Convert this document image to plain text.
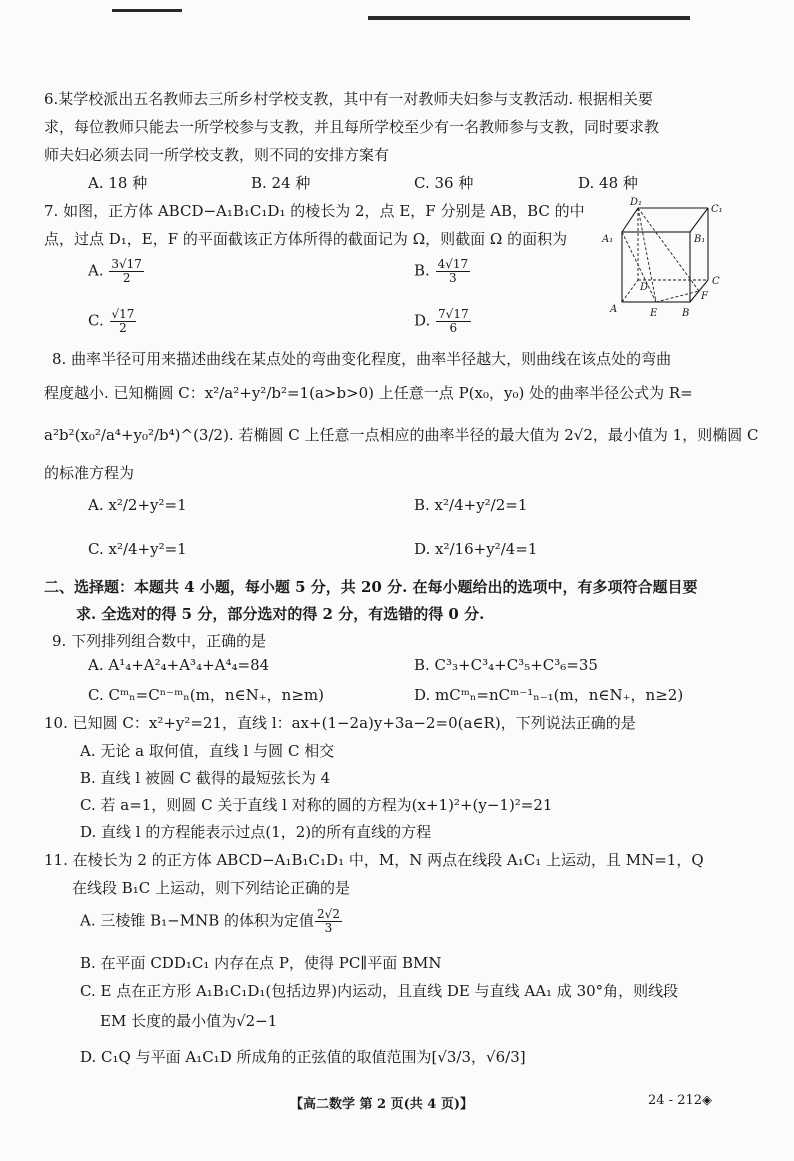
6.某学校派出五名教师去三所乡村学校支教，其中有一对教师夫妇参与支教活动. 根据相关要
求，每位教师只能去一所学校参与支教，并且每所学校至少有一名教师参与支教，同时要求教
师夫妇必须去同一所学校支教，则不同的安排方案有
A. 18 种	B. 24 种	C. 36 种	D. 48 种
7. 如图，正方体 ABCD−A₁B₁C₁D₁ 的棱长为 2，点 E，F 分别是 AB，BC 的中
点，过点 D₁，E，F 的平面截该正方体所得的截面记为 Ω，则截面 Ω 的面积为
A. $\frac{3√17}{2}$	B. $\frac{4√17}{3}$
C. $\frac{√17}{2}$	D. $\frac{7√17}{6}$
D₁
C₁
A₁	B₁
D
C
A	E B
F
8. 曲率半径可用来描述曲线在某点处的弯曲变化程度，曲率半径越大，则曲线在该点处的弯曲
程度越小. 已知椭圆 C：x²/a²+y²/b²=1(a>b>0) 上任意一点 P(x₀，y₀) 处的曲率半径公式为 R=
a²b²(x₀²/a⁴+y₀²/b⁴)^(3/2). 若椭圆 C 上任意一点相应的曲率半径的最大值为 2√2，最小值为 1，则椭圆 C
的标准方程为
A. x²/2+y²=1	B. x²/4+y²/2=1
C. x²/4+y²=1	D. x²/16+y²/4=1
二、选择题：本题共 4 小题，每小题 5 分，共 20 分. 在每小题给出的选项中，有多项符合题目要
求. 全选对的得 5 分，部分选对的得 2 分，有选错的得 0 分.
9. 下列排列组合数中，正确的是
A. A¹₄+A²₄+A³₄+A⁴₄=84	B. C³₃+C³₄+C³₅+C³₆=35
C. Cᵐₙ=Cⁿ⁻ᵐₙ(m，n∈N₊，n≥m)	D. mCᵐₙ=nCᵐ⁻¹ₙ₋₁(m，n∈N₊，n≥2)
10. 已知圆 C：x²+y²=21，直线 l：ax+(1−2a)y+3a−2=0(a∈R)，下列说法正确的是
A. 无论 a 取何值，直线 l 与圆 C 相交
B. 直线 l 被圆 C 截得的最短弦长为 4
C. 若 a=1，则圆 C 关于直线 l 对称的圆的方程为(x+1)²+(y−1)²=21
D. 直线 l 的方程能表示过点(1，2)的所有直线的方程
11. 在棱长为 2 的正方体 ABCD−A₁B₁C₁D₁ 中，M，N 两点在线段 A₁C₁ 上运动，且 MN=1，Q
在线段 B₁C 上运动，则下列结论正确的是
A. 三棱锥 B₁−MNB 的体积为定值 $\frac{2√2}{3}$
B. 在平面 CDD₁C₁ 内存在点 P，使得 PC∥平面 BMN
C. E 点在正方形 A₁B₁C₁D₁(包括边界)内运动，且直线 DE 与直线 AA₁ 成 30°角，则线段
EM 长度的最小值为√2−1
D. C₁Q 与平面 A₁C₁D 所成角的正弦值的取值范围为[√3/3，√6/3]
【高二数学 第 2 页(共 4 页)】	24 - 212◈
